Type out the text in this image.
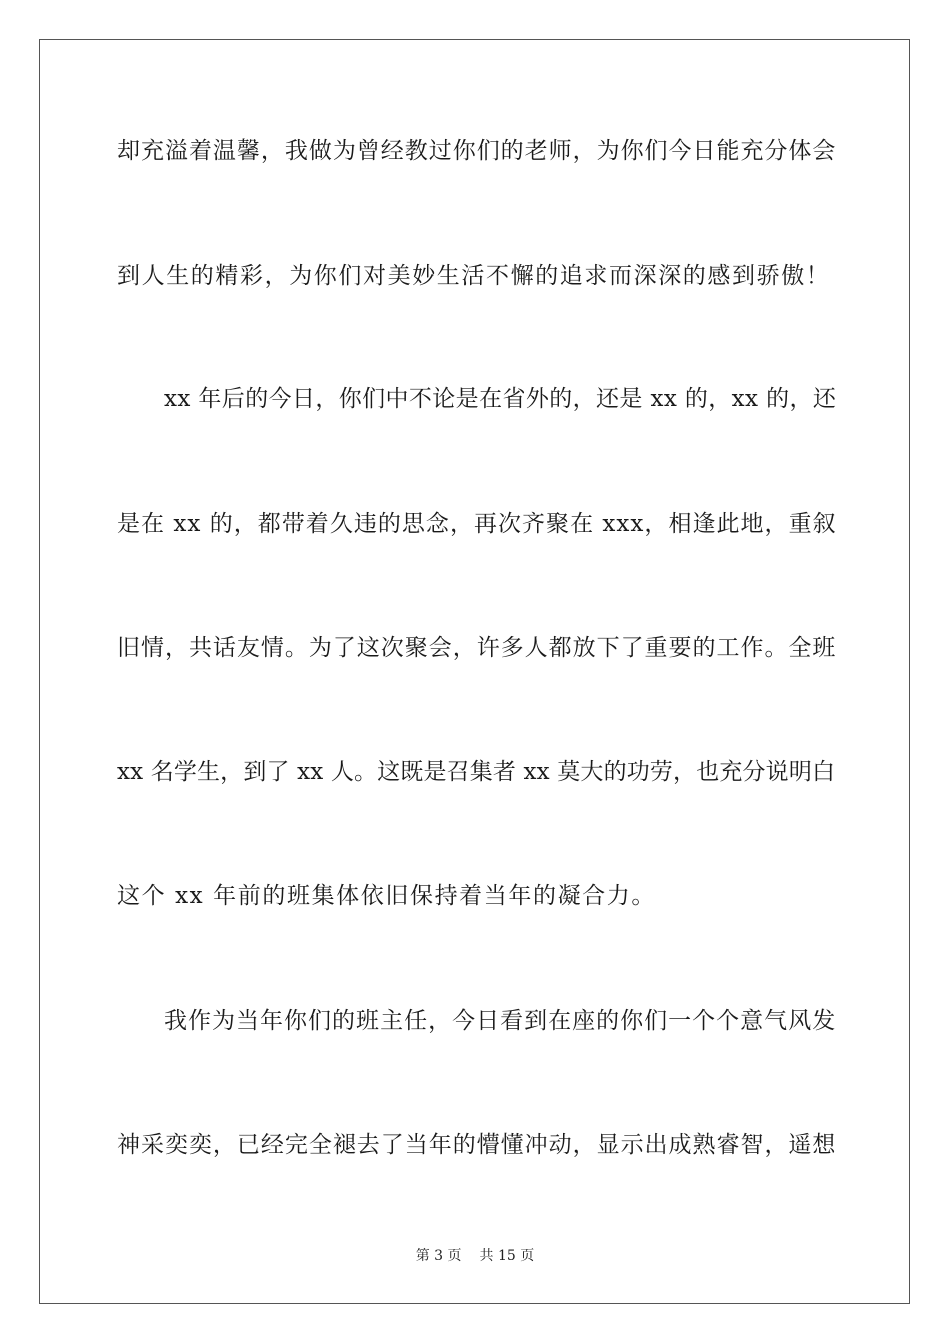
却充溢着温馨，我做为曾经教过你们的老师，为你们今日能充分体会
到人生的精彩，为你们对美妙生活不懈的追求而深深的感到骄傲！
xx 年后的今日，你们中不论是在省外的，还是 xx 的，xx 的，还
是在 xx 的，都带着久违的思念，再次齐聚在 xxx，相逢此地，重叙
旧情，共话友情。为了这次聚会，许多人都放下了重要的工作。全班
xx 名学生，到了 xx 人。这既是召集者 xx 莫大的功劳，也充分说明白
这个 xx 年前的班集体依旧保持着当年的凝合力。
我作为当年你们的班主任，今日看到在座的你们一个个意气风发
神采奕奕，已经完全褪去了当年的懵懂冲动，显示出成熟睿智，遥想
第 3 页 共 15 页
